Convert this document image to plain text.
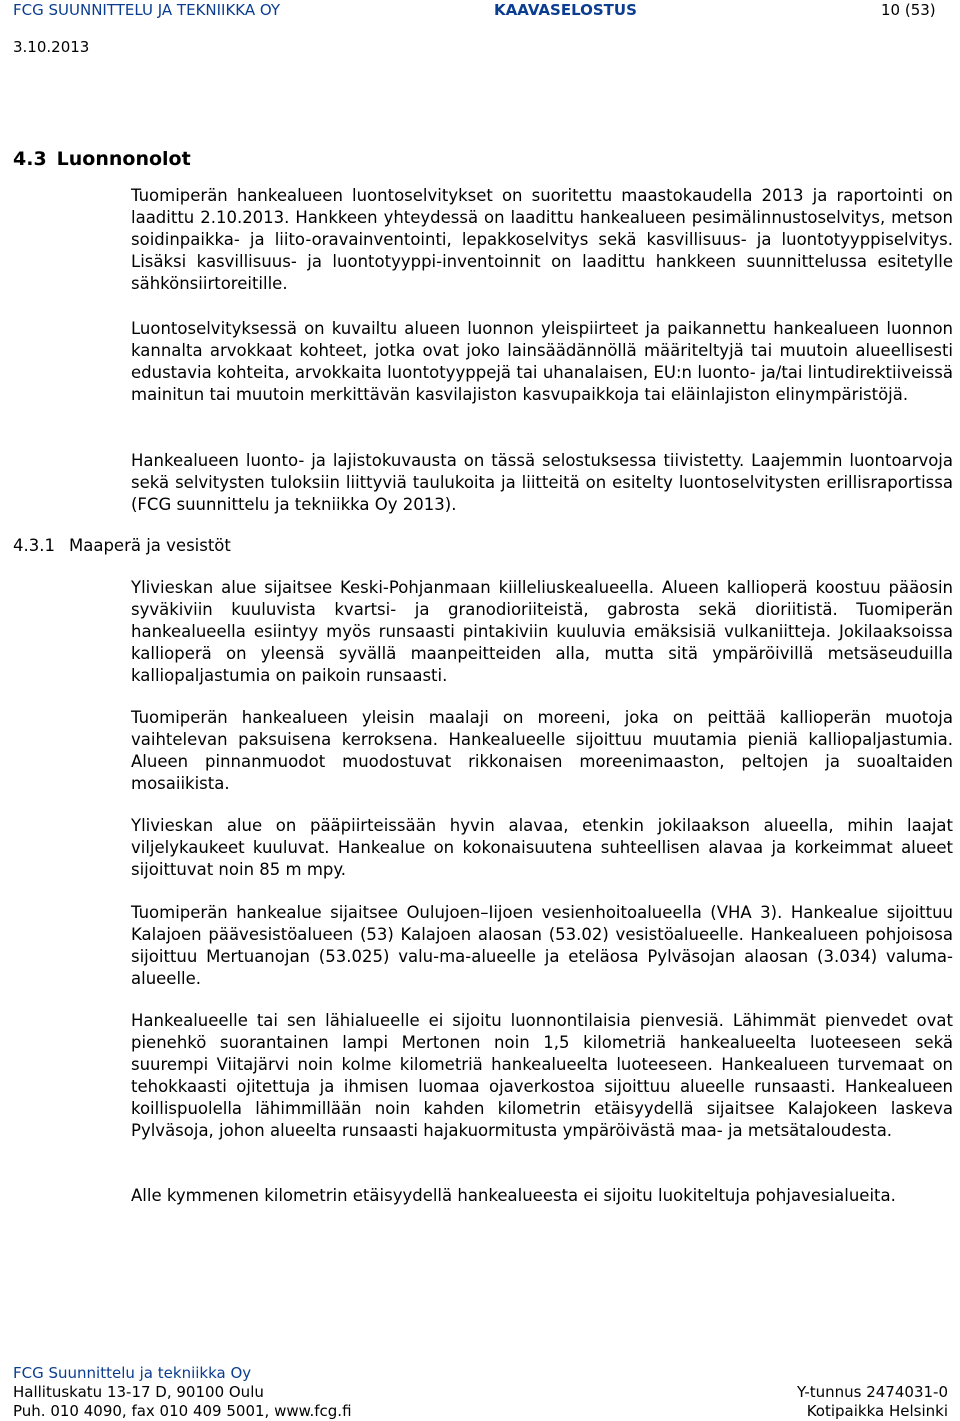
FCG SUUNNITTELU JA TEKNIIKKA OY	KAAVASELOSTUS	10 (53)
3.10.2013
4.3 Luonnonolot

Tuomiperän hankealueen luontoselvitykset on suoritettu maastokaudella 2013 ja raportointi on laadittu 2.10.2013. Hankkeen yhteydessä on laadittu hankealueen pesimälinnustoselvitys, metson soidinpaikka- ja liito-oravainventointi, lepakkoselvitys sekä kasvillisuus- ja luontotyyppiselvitys. Lisäksi kasvillisuus- ja luontotyyppi-inventoinnit on laadittu hankkeen suunnittelussa esitetylle sähkönsiirtoreitille.

Luontoselvityksessä on kuvailtu alueen luonnon yleispiirteet ja paikannettu hankealueen luonnon kannalta arvokkaat kohteet, jotka ovat joko lainsäädännöllä määriteltyjä tai muutoin alueellisesti edustavia kohteita, arvokkaita luontotyyppejä tai uhanalaisen, EU:n luonto- ja/tai lintudirektiiveissä mainitun tai muutoin merkittävän kasvilajiston kasvupaikkoja tai eläinlajiston elinympäristöjä.

Hankealueen luonto- ja lajistokuvausta on tässä selostuksessa tiivistetty. Laajemmin luontoarvoja sekä selvitysten tuloksiin liittyviä taulukoita ja liitteitä on esitelty luontoselvitysten erillisraportissa (FCG suunnittelu ja tekniikka Oy 2013).

4.3.1 Maaperä ja vesistöt

Ylivieskan alue sijaitsee Keski-Pohjanmaan kiilleliuskealueella. Alueen kallioperä koostuu pääosin syväkiviin kuuluvista kvartsi- ja granodioriiteistä, gabrosta sekä dioriitistä. Tuomiperän hankealueella esiintyy myös runsaasti pintakiviin kuuluvia emäksisiä vulkaniitteja. Jokilaaksoissa kallioperä on yleensä syvällä maanpeitteiden alla, mutta sitä ympäröivillä metsäseuduilla kalliopaljastumia on paikoin runsaasti.

Tuomiperän hankealueen yleisin maalaji on moreeni, joka on peittää kallioperän muotoja vaihtelevan paksuisena kerroksena. Hankealueelle sijoittuu muutamia pieniä kalliopaljastumia. Alueen pinnanmuodot muodostuvat rikkonaisen moreenimaaston, peltojen ja suoaltaiden mosaiikista.

Ylivieskan alue on pääpiirteissään hyvin alavaa, etenkin jokilaakson alueella, mihin laajat viljelykaukeet kuuluvat. Hankealue on kokonaisuutena suhteellisen alavaa ja korkeimmat alueet sijoittuvat noin 85 m mpy.

Tuomiperän hankealue sijaitsee Oulujoen–Iijoen vesienhoitoalueella (VHA 3). Hankealue sijoittuu Kalajoen päävesistöalueen (53) Kalajoen alaosan (53.02) vesistöalueelle. Hankealueen pohjoisosa sijoittuu Mertuanojan (53.025) valu-ma-alueelle ja eteläosa Pylväsojan alaosan (3.034) valuma-alueelle.

Hankealueelle tai sen lähialueelle ei sijoitu luonnontilaisia pienvesiä. Lähimmät pienvedet ovat pienehkö suorantainen lampi Mertonen noin 1,5 kilometriä hankealueelta luoteeseen sekä suurempi Viitajärvi noin kolme kilometriä hankealueelta luoteeseen. Hankealueen turvemaat on tehokkaasti ojitettuja ja ihmisen luomaa ojaverkostoa sijoittuu alueelle runsaasti. Hankealueen koillispuolella lähimmillään noin kahden kilometrin etäisyydellä sijaitsee Kalajokeen laskeva Pylväsoja, johon alueelta runsaasti hajakuormitusta ympäröivästä maa- ja metsätaloudesta.

Alle kymmenen kilometrin etäisyydellä hankealueesta ei sijoitu luokiteltuja pohjavesialueita.

FCG Suunnittelu ja tekniikka Oy
Hallituskatu 13-17 D, 90100 Oulu
Puh. 010 4090, fax 010 409 5001, www.fcg.fi
Y-tunnus 2474031-0
Kotipaikka Helsinki
